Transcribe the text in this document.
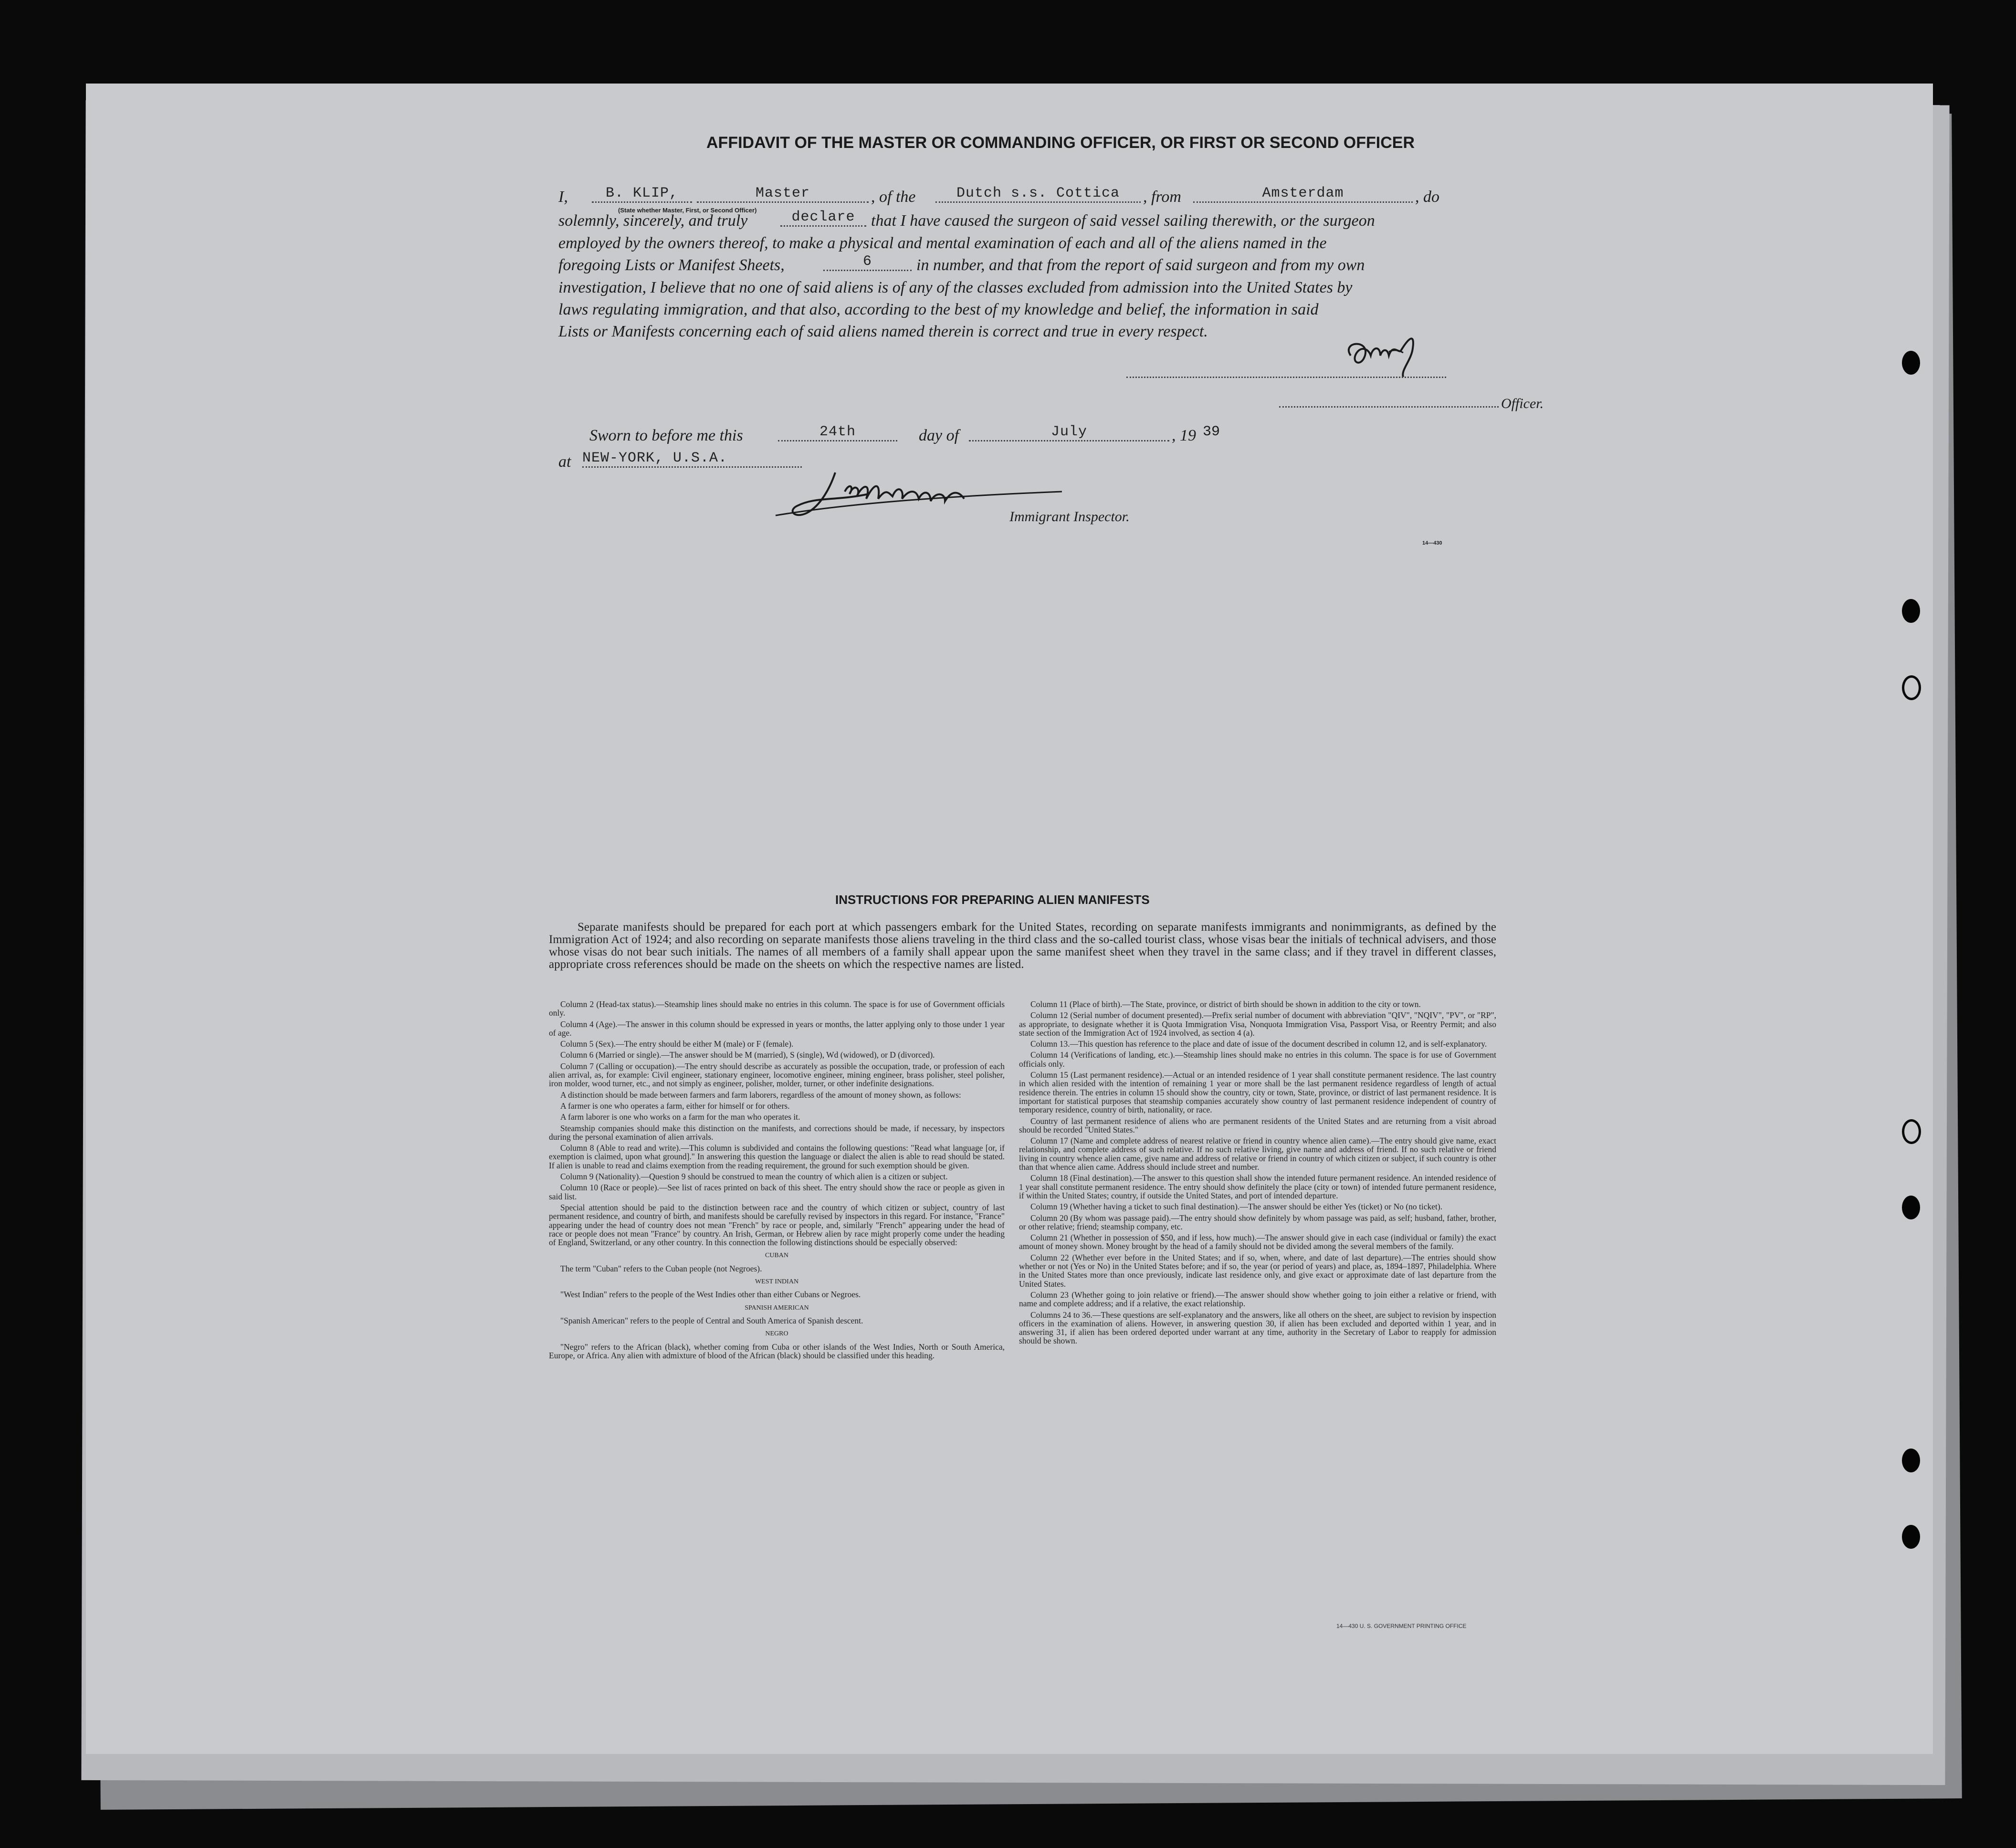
AFFIDAVIT OF THE MASTER OR COMMANDING OFFICER, OR FIRST OR SECOND OFFICER
I,	B. KLIP,	Master
(State whether Master, First, or Second Officer)
, of the	Dutch s.s. Cottica	, from	Amsterdam	, do
solemnly, sincerely, and truly	declare that I have caused the surgeon of said vessel sailing therewith, or the surgeon
employed by the owners thereof, to make a physical and mental examination of each and all of the aliens named in the
foregoing Lists or Manifest Sheets,	6	in number, and that from the report of said surgeon and from my own
investigation, I believe that no one of said aliens is of any of the classes excluded from admission into the United States by
laws regulating immigration, and that also, according to the best of my knowledge and belief, the information in said
Lists or Manifests concerning each of said aliens named therein is correct and true in every respect.
Officer.
Sworn to before me this	24th	day of	July	, 19 39
at NEW-YORK, U.S.A.
Immigrant Inspector.
14—430
INSTRUCTIONS FOR PREPARING ALIEN MANIFESTS
Separate manifests should be prepared for each port at which passengers embark for the United States, recording on separate manifests immigrants and nonimmigrants, as defined by the Immigration Act of 1924; and also recording on separate manifests those aliens traveling in the third class and the so-called tourist class, whose visas bear the initials of technical advisers, and those whose visas do not bear such initials. The names of all members of a family shall appear upon the same manifest sheet when they travel in the same class; and if they travel in different classes, appropriate cross references should be made on the sheets on which the respective names are listed.

Column 2 (Head-tax status).—Steamship lines should make no entries in this column. The space is for use of Government officials only.

Column 4 (Age).—The answer in this column should be expressed in years or months, the latter applying only to those under 1 year of age.

Column 5 (Sex).—The entry should be either M (male) or F (female).

Column 6 (Married or single).—The answer should be M (married), S (single), Wd (widowed), or D (divorced).

Column 7 (Calling or occupation).—The entry should describe as accurately as possible the occupation, trade, or profession of each alien arrival, as, for example: Civil engineer, stationary engineer, locomotive engineer, mining engineer, brass polisher, steel polisher, iron molder, wood turner, etc., and not simply as engineer, polisher, molder, turner, or other indefinite designations.

A distinction should be made between farmers and farm laborers, regardless of the amount of money shown, as follows:

A farmer is one who operates a farm, either for himself or for others.

A farm laborer is one who works on a farm for the man who operates it.

Steamship companies should make this distinction on the manifests, and corrections should be made, if necessary, by inspectors during the personal examination of alien arrivals.

Column 8 (Able to read and write).—This column is subdivided and contains the following questions: "Read what language [or, if exemption is claimed, upon what ground]." In answering this question the language or dialect the alien is able to read should be stated. If alien is unable to read and claims exemption from the reading requirement, the ground for such exemption should be given.

Column 9 (Nationality).—Question 9 should be construed to mean the country of which alien is a citizen or subject.

Column 10 (Race or people).—See list of races printed on back of this sheet. The entry should show the race or people as given in said list.

Special attention should be paid to the distinction between race and the country of which citizen or subject, country of last permanent residence, and country of birth, and manifests should be carefully revised by inspectors in this regard. For instance, "France" appearing under the head of country does not mean "French" by race or people, and, similarly "French" appearing under the head of race or people does not mean "France" by country. An Irish, German, or Hebrew alien by race might properly come under the heading of England, Switzerland, or any other country. In this connection the following distinctions should be especially observed:

CUBAN

The term "Cuban" refers to the Cuban people (not Negroes).

WEST INDIAN

"West Indian" refers to the people of the West Indies other than either Cubans or Negroes.

SPANISH AMERICAN

"Spanish American" refers to the people of Central and South America of Spanish descent.

NEGRO

"Negro" refers to the African (black), whether coming from Cuba or other islands of the West Indies, North or South America, Europe, or Africa. Any alien with admixture of blood of the African (black) should be classified under this heading.

Column 11 (Place of birth).—The State, province, or district of birth should be shown in addition to the city or town.

Column 12 (Serial number of document presented).—Prefix serial number of document with abbreviation "QIV", "NQIV", "PV", or "RP", as appropriate, to designate whether it is Quota Immigration Visa, Nonquota Immigration Visa, Passport Visa, or Reentry Permit; and also state section of the Immigration Act of 1924 involved, as section 4 (a).

Column 13.—This question has reference to the place and date of issue of the document described in column 12, and is self-explanatory.

Column 14 (Verifications of landing, etc.).—Steamship lines should make no entries in this column. The space is for use of Government officials only.

Column 15 (Last permanent residence).—Actual or an intended residence of 1 year shall constitute permanent residence. The last country in which alien resided with the intention of remaining 1 year or more shall be the last permanent residence regardless of length of actual residence therein. The entries in column 15 should show the country, city or town, State, province, or district of last permanent residence. It is important for statistical purposes that steamship companies accurately show country of last permanent residence independent of country of temporary residence, country of birth, nationality, or race.

Country of last permanent residence of aliens who are permanent residents of the United States and are returning from a visit abroad should be recorded "United States."

Column 17 (Name and complete address of nearest relative or friend in country whence alien came).—The entry should give name, exact relationship, and complete address of such relative. If no such relative living, give name and address of friend. If no such relative or friend living in country whence alien came, give name and address of relative or friend in country of which citizen or subject, if such country is other than that whence alien came. Address should include street and number.

Column 18 (Final destination).—The answer to this question shall show the intended future permanent residence. An intended residence of 1 year shall constitute permanent residence. The entry should show definitely the place (city or town) of intended future permanent residence, if within the United States; country, if outside the United States, and port of intended departure.

Column 19 (Whether having a ticket to such final destination).—The answer should be either Yes (ticket) or No (no ticket).

Column 20 (By whom was passage paid).—The entry should show definitely by whom passage was paid, as self; husband, father, brother, or other relative; friend; steamship company, etc.

Column 21 (Whether in possession of $50, and if less, how much).—The answer should give in each case (individual or family) the exact amount of money shown. Money brought by the head of a family should not be divided among the several members of the family.

Column 22 (Whether ever before in the United States; and if so, when, where, and date of last departure).—The entries should show whether or not (Yes or No) in the United States before; and if so, the year (or period of years) and place, as, 1894–1897, Philadelphia. Where in the United States more than once previously, indicate last residence only, and give exact or approximate date of last departure from the United States.

Column 23 (Whether going to join relative or friend).—The answer should show whether going to join either a relative or friend, with name and complete address; and if a relative, the exact relationship.

Columns 24 to 36.—These questions are self-explanatory and the answers, like all others on the sheet, are subject to revision by inspection officers in the examination of aliens. However, in answering question 30, if alien has been excluded and deported within 1 year, and in answering 31, if alien has been ordered deported under warrant at any time, authority in the Secretary of Labor to reapply for admission should be shown.

14—430 U. S. GOVERNMENT PRINTING OFFICE
